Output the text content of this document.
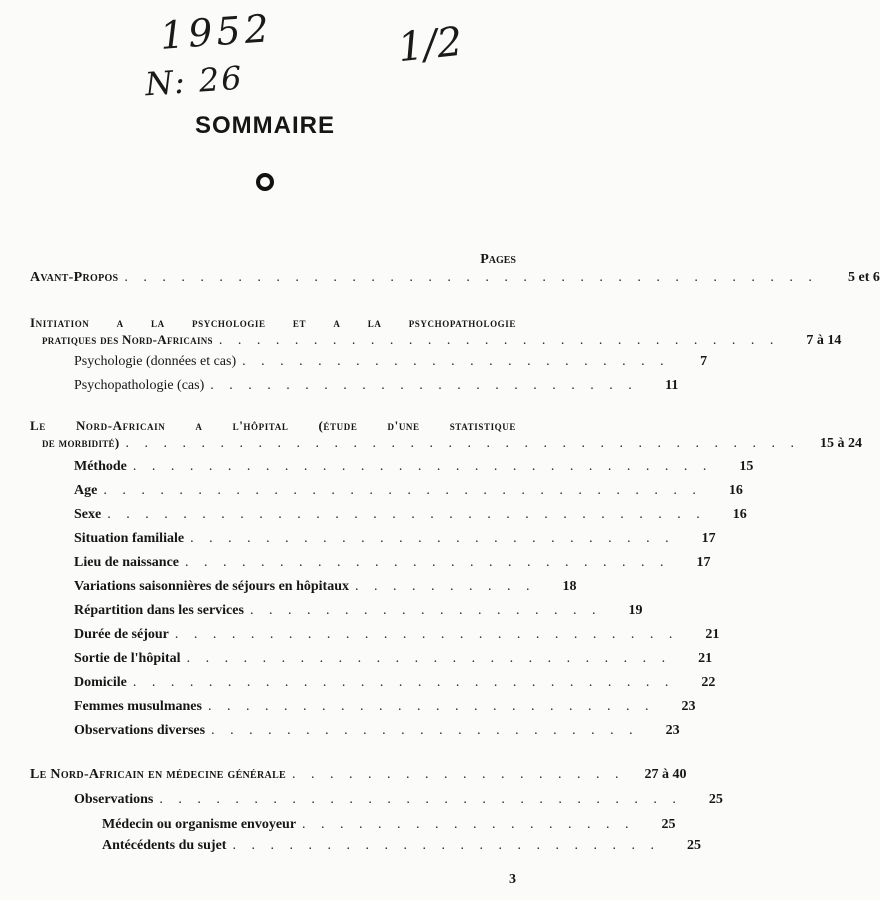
1952
N: 26
1/2
SOMMAIRE
Pages
Avant-Propos . . . . . . . . . . . . . . . . . . . . . . . . . . . . . . . . . . . . .	5 et 6
Initiation a la psychologie et a la psychopathologie
pratiques des Nord-Africains . . . . . . . . . . . . . . . . . . . . . . . . . . . . . .	7 à 14
Psychologie (données et cas) . . . . . . . . . . . . . . . . . . . . . . .	7
Psychopathologie (cas) . . . . . . . . . . . . . . . . . . . . . . .	11
Le Nord-Africain a l'hôpital (étude d'une statistique
de morbidité) . . . . . . . . . . . . . . . . . . . . . . . . . . . . . . . . . . . .	15 à 24
Méthode . . . . . . . . . . . . . . . . . . . . . . . . . . . . . . .	15
Age . . . . . . . . . . . . . . . . . . . . . . . . . . . . . . . .	16
Sexe . . . . . . . . . . . . . . . . . . . . . . . . . . . . . . . .	16
Situation familiale . . . . . . . . . . . . . . . . . . . . . . . . . .	17
Lieu de naissance . . . . . . . . . . . . . . . . . . . . . . . . . .	17
Variations saisonnières de séjours en hôpitaux . . . . . . . . . .	18
Répartition dans les services . . . . . . . . . . . . . . . . . . .	19
Durée de séjour . . . . . . . . . . . . . . . . . . . . . . . . . . .	21
Sortie de l'hôpital . . . . . . . . . . . . . . . . . . . . . . . . . .	21
Domicile . . . . . . . . . . . . . . . . . . . . . . . . . . . . .	22
Femmes musulmanes . . . . . . . . . . . . . . . . . . . . . . . .	23
Observations diverses . . . . . . . . . . . . . . . . . . . . . . .	23
Le Nord-Africain en médecine générale . . . . . . . . . . . . . . . . . .	27 à 40
Observations . . . . . . . . . . . . . . . . . . . . . . . . . . . .	25
Médecin ou organisme envoyeur . . . . . . . . . . . . . . . . . .	25
Antécédents du sujet . . . . . . . . . . . . . . . . . . . . . . .	25
3
